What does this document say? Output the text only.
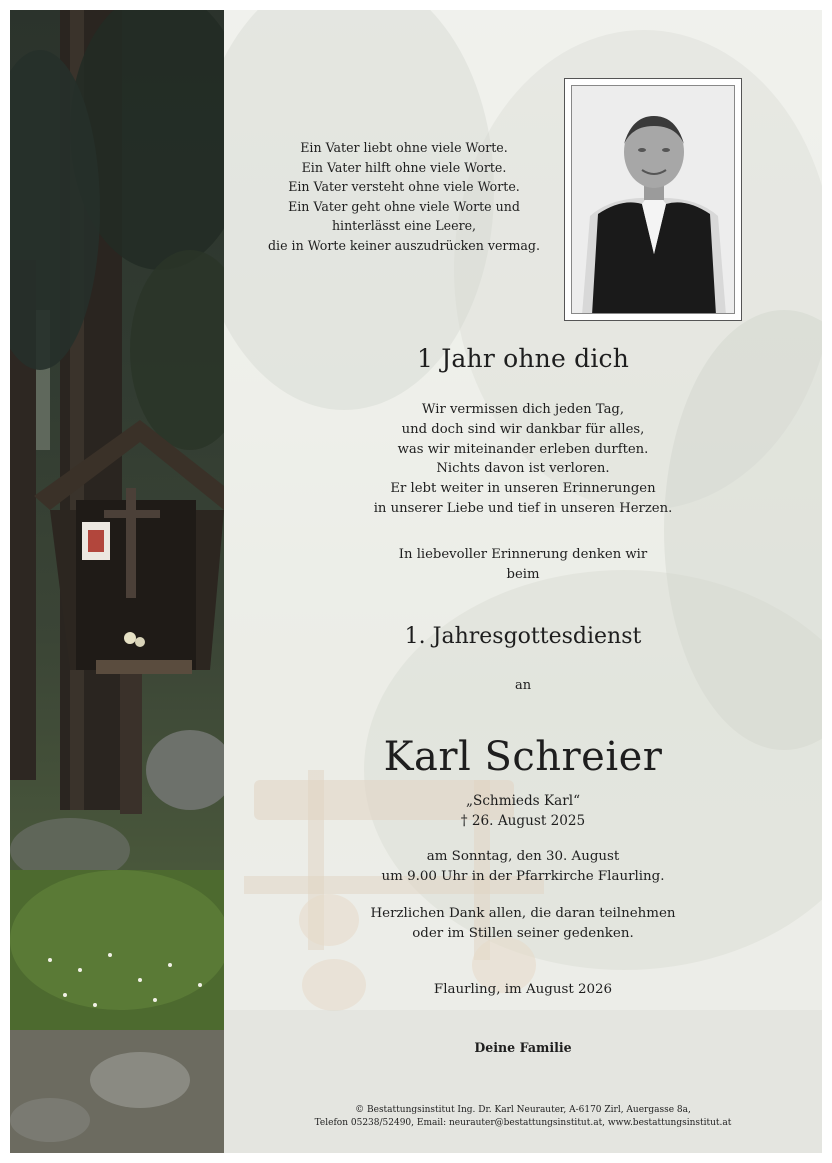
Ein Vater liebt ohne viele Worte.
Ein Vater hilft ohne viele Worte.
Ein Vater versteht ohne viele Worte.
Ein Vater geht ohne viele Worte und
hinterlässt eine Leere,
die in Worte keiner auszudrücken vermag.
1 Jahr ohne dich
Wir vermissen dich jeden Tag,
und doch sind wir dankbar für alles,
was wir miteinander erleben durften.
Nichts davon ist verloren.
Er lebt weiter in unseren Erinnerungen
in unserer Liebe und tief in unseren Herzen.
In liebevoller Erinnerung denken wir
beim
1. Jahresgottesdienst
an
Karl Schreier
„Schmieds Karl“
† 26. August 2025
am Sonntag, den 30. August
um 9.00 Uhr in der Pfarrkirche Flaurling.
Herzlichen Dank allen, die daran teilnehmen
oder im Stillen seiner gedenken.
Flaurling, im August 2026
Deine Familie
© Bestattungsinstitut Ing. Dr. Karl Neurauter, A-6170 Zirl, Auergasse 8a,
Telefon 05238/52490, Email: neurauter@bestattungsinstitut.at, www.bestattungsinstitut.at
